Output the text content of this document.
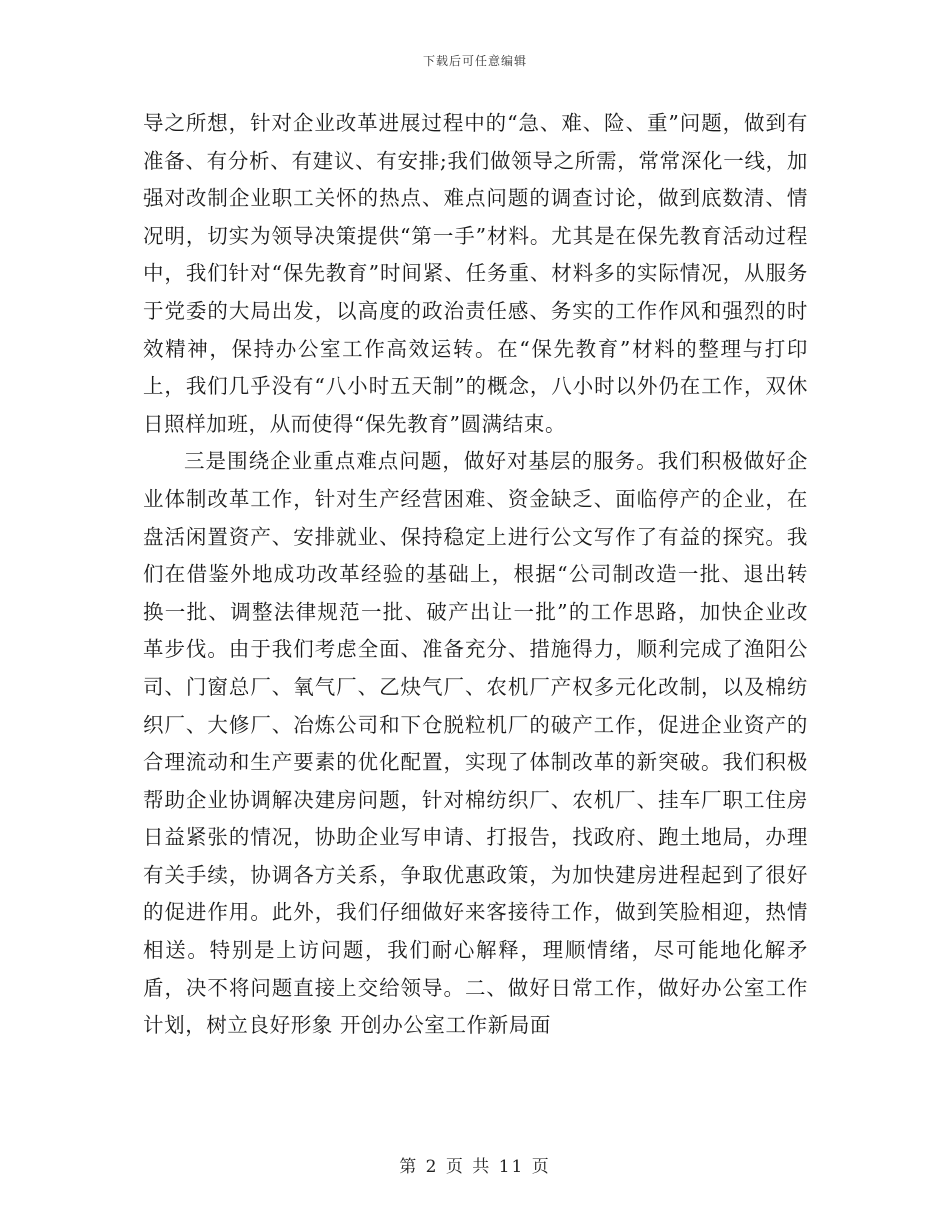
下载后可任意编辑

导之所想，针对企业改革进展过程中的“急、难、险、重”问题，做到有准备、有分析、有建议、有安排;我们做领导之所需，常常深化一线，加强对改制企业职工关怀的热点、难点问题的调查讨论，做到底数清、情况明，切实为领导决策提供“第一手”材料。尤其是在保先教育活动过程中，我们针对“保先教育”时间紧、任务重、材料多的实际情况，从服务于党委的大局出发，以高度的政治责任感、务实的工作作风和强烈的时效精神，保持办公室工作高效运转。在“保先教育”材料的整理与打印上，我们几乎没有“八小时五天制”的概念，八小时以外仍在工作，双休日照样加班，从而使得“保先教育”圆满结束。

三是围绕企业重点难点问题，做好对基层的服务。我们积极做好企业体制改革工作，针对生产经营困难、资金缺乏、面临停产的企业，在盘活闲置资产、安排就业、保持稳定上进行公文写作了有益的探究。我们在借鉴外地成功改革经验的基础上，根据“公司制改造一批、退出转换一批、调整法律规范一批、破产出让一批”的工作思路，加快企业改革步伐。由于我们考虑全面、准备充分、措施得力，顺利完成了渔阳公司、门窗总厂、氧气厂、乙炔气厂、农机厂产权多元化改制，以及棉纺织厂、大修厂、冶炼公司和下仓脱粒机厂的破产工作，促进企业资产的合理流动和生产要素的优化配置，实现了体制改革的新突破。我们积极帮助企业协调解决建房问题，针对棉纺织厂、农机厂、挂车厂职工住房日益紧张的情况，协助企业写申请、打报告，找政府、跑土地局，办理有关手续，协调各方关系，争取优惠政策，为加快建房进程起到了很好的促进作用。此外，我们仔细做好来客接待工作，做到笑脸相迎，热情相送。特别是上访问题，我们耐心解释，理顺情绪，尽可能地化解矛盾，决不将问题直接上交给领导。二、做好日常工作，做好办公室工作计划，树立良好形象 开创办公室工作新局面

第 2 页 共 11 页
